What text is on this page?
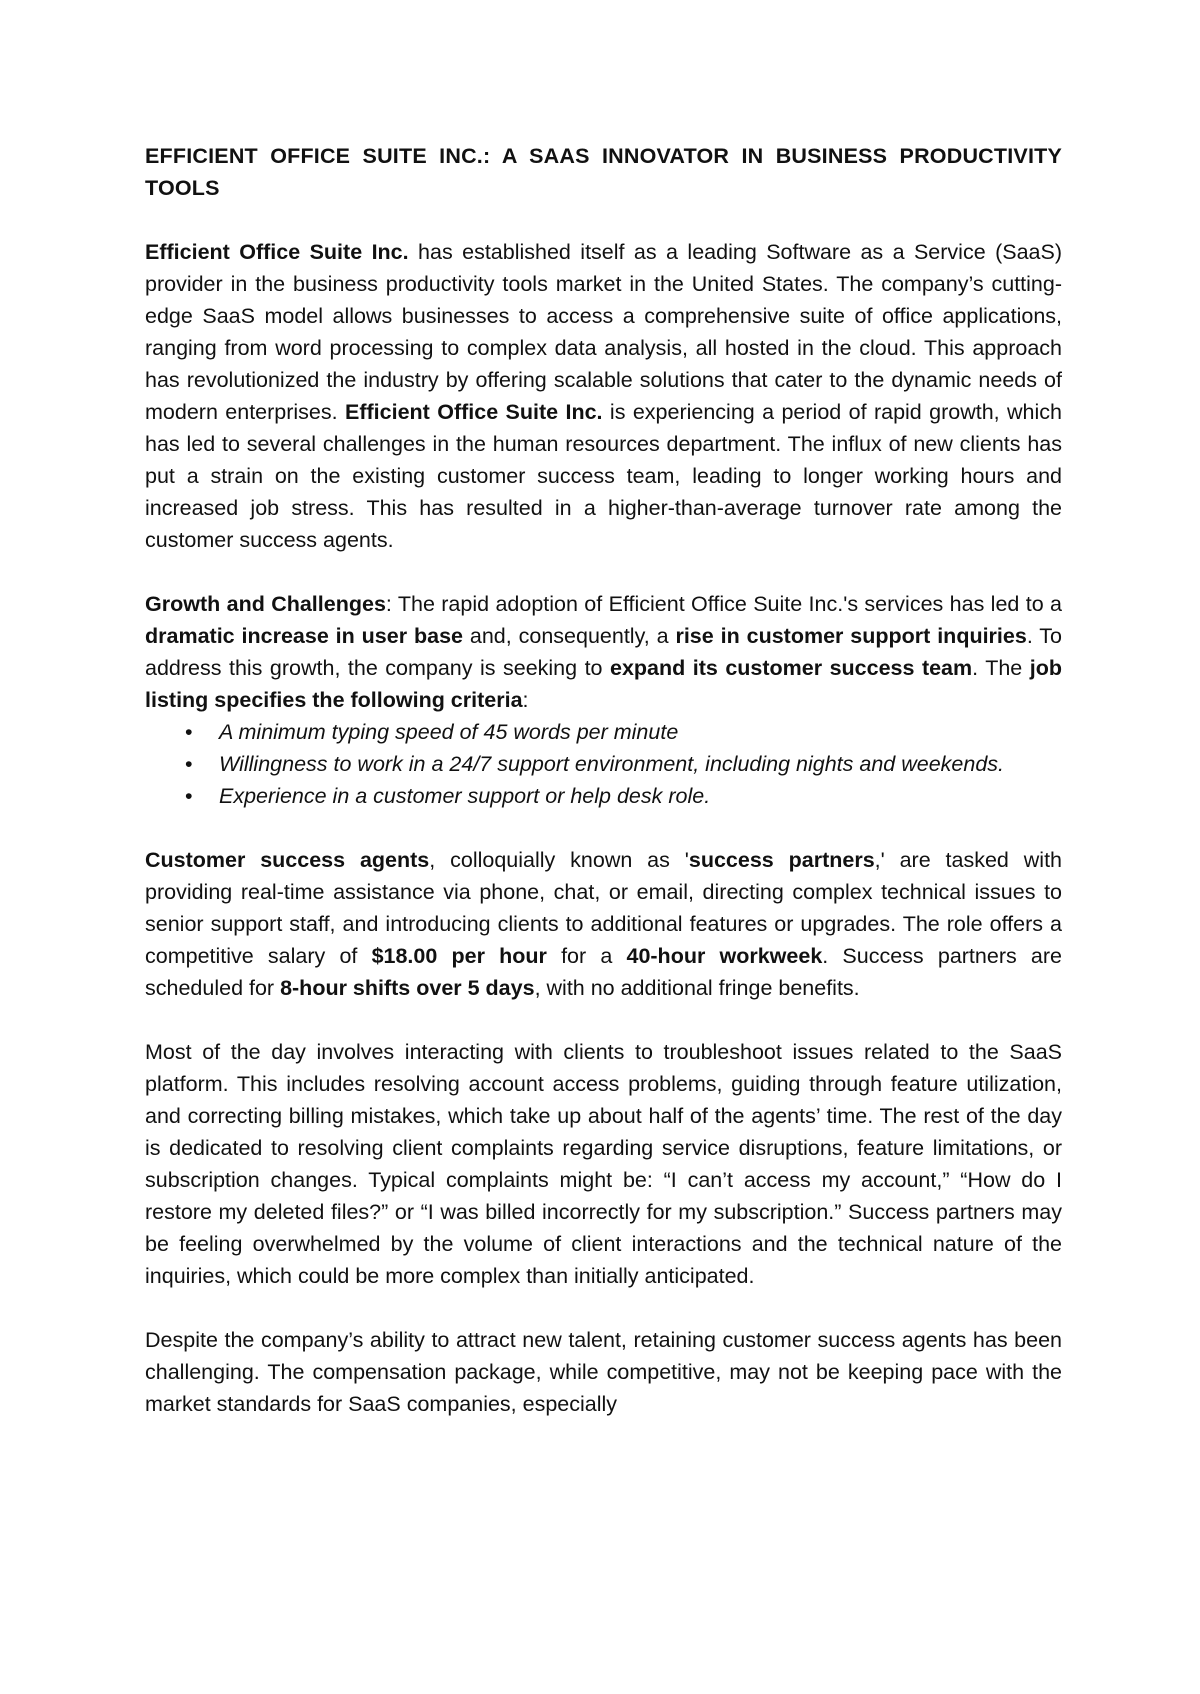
EFFICIENT OFFICE SUITE INC.: A SAAS INNOVATOR IN BUSINESS PRODUCTIVITY TOOLS

Efficient Office Suite Inc. has established itself as a leading Software as a Service (SaaS) provider in the business productivity tools market in the United States. The company’s cutting-edge SaaS model allows businesses to access a comprehensive suite of office applications, ranging from word processing to complex data analysis, all hosted in the cloud. This approach has revolutionized the industry by offering scalable solutions that cater to the dynamic needs of modern enterprises. Efficient Office Suite Inc. is experiencing a period of rapid growth, which has led to several challenges in the human resources department. The influx of new clients has put a strain on the existing customer success team, leading to longer working hours and increased job stress. This has resulted in a higher-than-average turnover rate among the customer success agents.

Growth and Challenges: The rapid adoption of Efficient Office Suite Inc.'s services has led to a dramatic increase in user base and, consequently, a rise in customer support inquiries. To address this growth, the company is seeking to expand its customer success team. The job listing specifies the following criteria:

• A minimum typing speed of 45 words per minute
• Willingness to work in a 24/7 support environment, including nights and weekends.
• Experience in a customer support or help desk role.

Customer success agents, colloquially known as 'success partners,' are tasked with providing real-time assistance via phone, chat, or email, directing complex technical issues to senior support staff, and introducing clients to additional features or upgrades. The role offers a competitive salary of $18.00 per hour for a 40-hour workweek. Success partners are scheduled for 8-hour shifts over 5 days, with no additional fringe benefits.

Most of the day involves interacting with clients to troubleshoot issues related to the SaaS platform. This includes resolving account access problems, guiding through feature utilization, and correcting billing mistakes, which take up about half of the agents’ time. The rest of the day is dedicated to resolving client complaints regarding service disruptions, feature limitations, or subscription changes. Typical complaints might be: “I can’t access my account,” “How do I restore my deleted files?” or “I was billed incorrectly for my subscription.” Success partners may be feeling overwhelmed by the volume of client interactions and the technical nature of the inquiries, which could be more complex than initially anticipated.

Despite the company’s ability to attract new talent, retaining customer success agents has been challenging. The compensation package, while competitive, may not be keeping pace with the market standards for SaaS companies, especially
